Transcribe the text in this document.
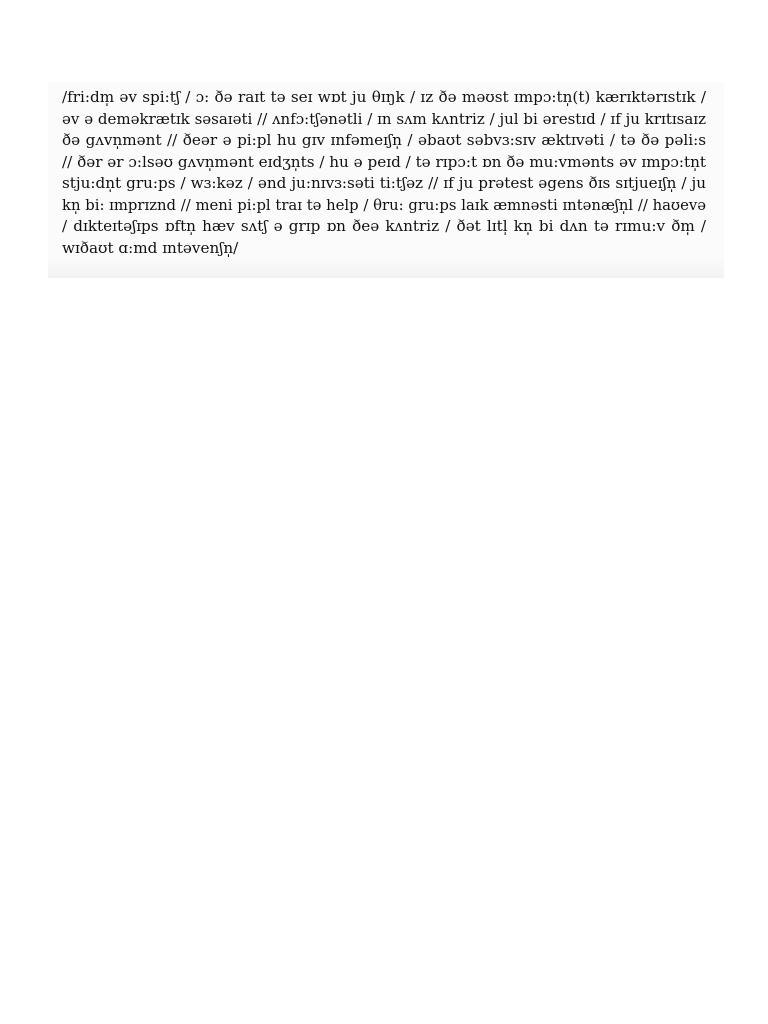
/fri:dm̩ əv spi:tʃ / ɔ: ðə raɪt tə seɪ wɒt ju θɪŋk / ɪz ðə məʊst ɪmpɔ:tn̩(t) kærɪktərɪstɪk /
əv ə deməkrætɪk səsaɪəti // ʌnfɔ:tʃənətli / ɪn sʌm kʌntriz / jul bi ərestɪd / ɪf ju krɪtɪsaɪz
ðə gʌvn̩mənt // ðeər ə pi:pl hu gɪv ɪnfəmeɪʃn̩ / əbaʊt səbvɜ:sɪv æktɪvəti / tə ðə pəli:s
// ðər ər ɔ:lsəʊ gʌvn̩mənt eɪdʒn̩ts / hu ə peɪd / tə rɪpɔ:t ɒn ðə mu:vmənts əv ɪmpɔ:tn̩t
stju:dn̩t gru:ps / wɜ:kəz / ənd ju:nɪvɜ:səti ti:tʃəz // ɪf ju prətest əgens ðɪs sɪtjueɪʃn̩ / ju
kn̩ bi: ɪmprɪznd // meni pi:pl traɪ tə help / θru: gru:ps laɪk æmnəsti ɪntənæʃn̩l // haʊevə
/ dɪkteɪtəʃɪps ɒftn̩ hæv sʌtʃ ə grɪp ɒn ðeə kʌntriz / ðət lɪtl̩ kn̩ bi dʌn tə rɪmu:v ðm̩ /
wɪðaʊt ɑ:md ɪntəvenʃn̩/
